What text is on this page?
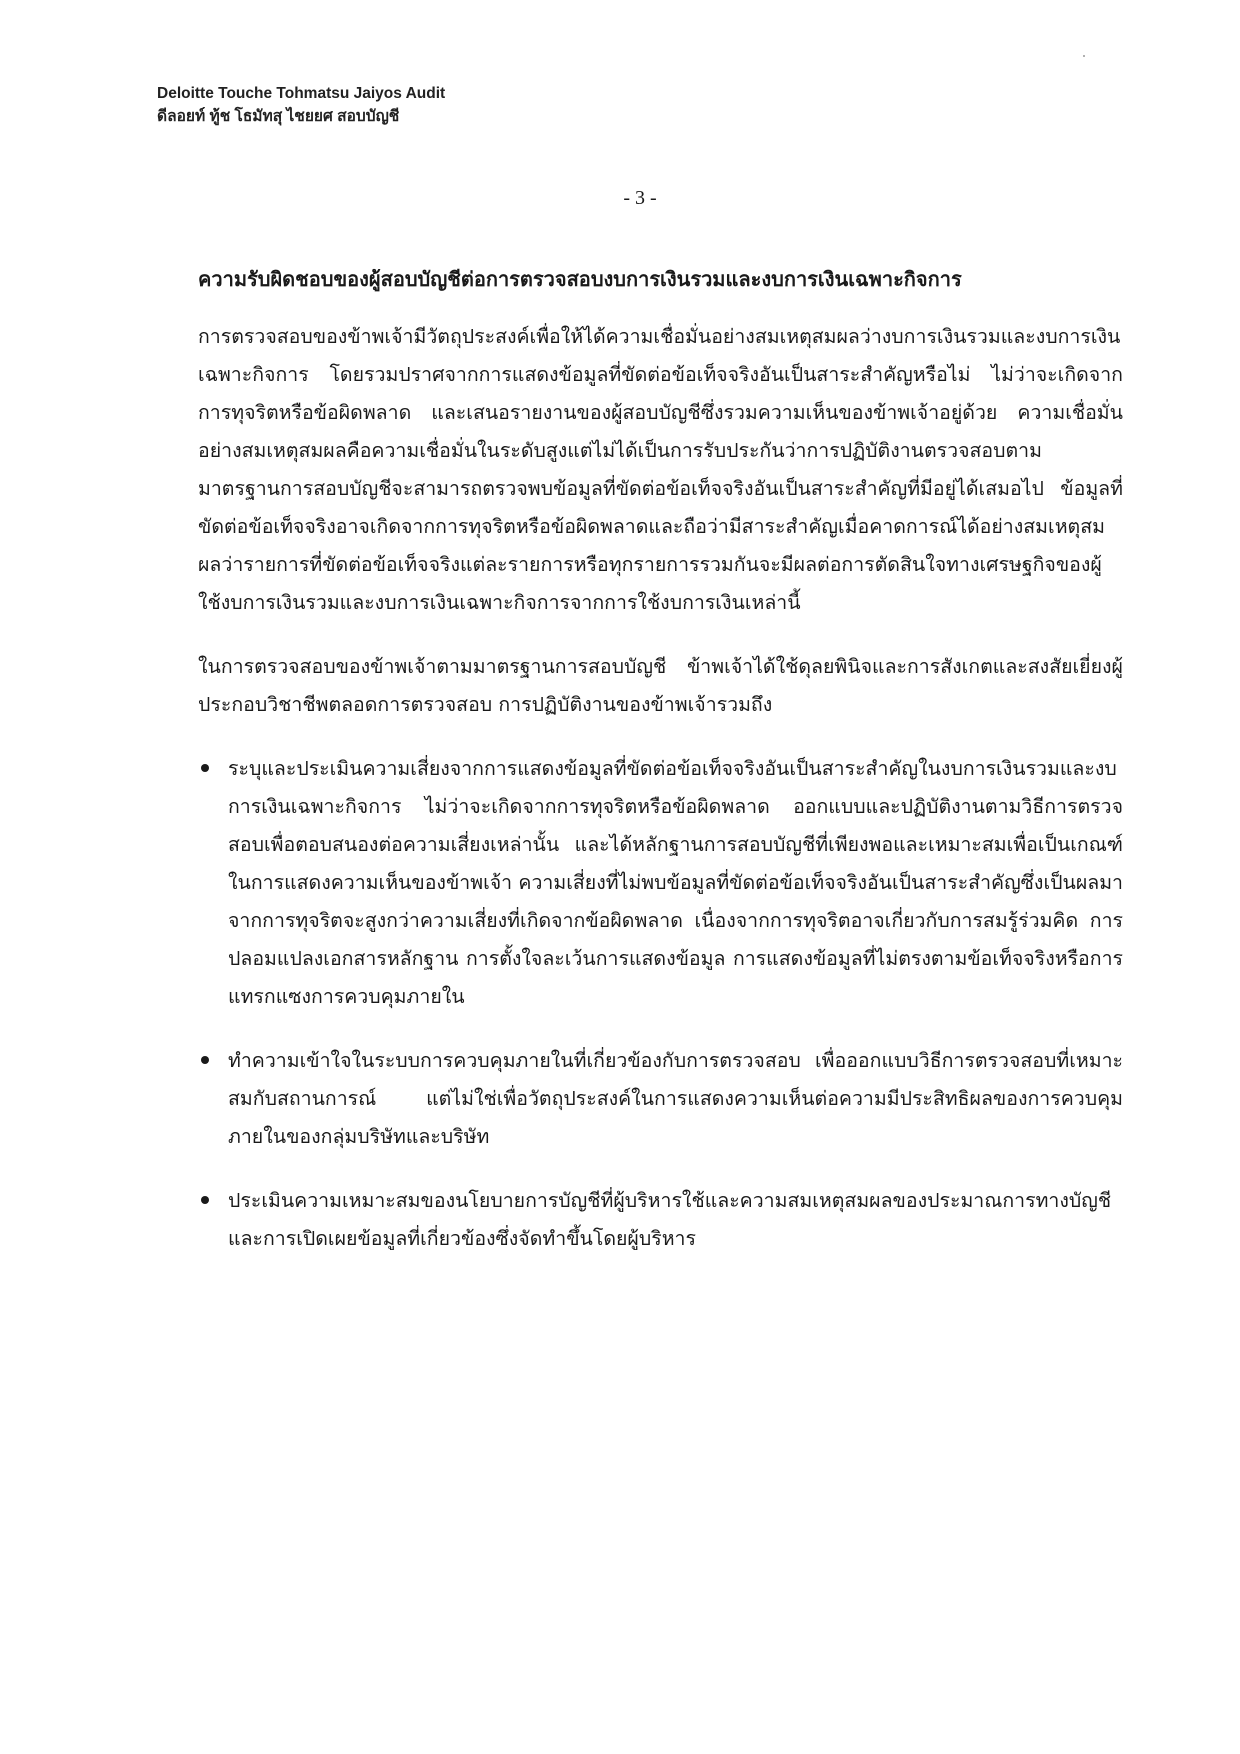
Deloitte Touche Tohmatsu Jaiyos Audit
ดีลอยท์ ทู้ช โธมัทสุ ไชยยศ สอบบัญชี
- 3 -
ความรับผิดชอบของผู้สอบบัญชีต่อการตรวจสอบงบการเงินรวมและงบการเงินเฉพาะกิจการ

การตรวจสอบของข้าพเจ้ามีวัตถุประสงค์เพื่อให้ได้ความเชื่อมั่นอย่างสมเหตุสมผลว่างบการเงินรวมและงบการเงินเฉพาะกิจการ โดยรวมปราศจากการแสดงข้อมูลที่ขัดต่อข้อเท็จจริงอันเป็นสาระสำคัญหรือไม่ ไม่ว่าจะเกิดจากการทุจริตหรือข้อผิดพลาด และเสนอรายงานของผู้สอบบัญชีซึ่งรวมความเห็นของข้าพเจ้าอยู่ด้วย ความเชื่อมั่นอย่างสมเหตุสมผลคือความเชื่อมั่นในระดับสูงแต่ไม่ได้เป็นการรับประกันว่าการปฏิบัติงานตรวจสอบตามมาตรฐานการสอบบัญชีจะสามารถตรวจพบข้อมูลที่ขัดต่อข้อเท็จจริงอันเป็นสาระสำคัญที่มีอยู่ได้เสมอไป ข้อมูลที่ขัดต่อข้อเท็จจริงอาจเกิดจากการทุจริตหรือข้อผิดพลาดและถือว่ามีสาระสำคัญเมื่อคาดการณ์ได้อย่างสมเหตุสมผลว่ารายการที่ขัดต่อข้อเท็จจริงแต่ละรายการหรือทุกรายการรวมกันจะมีผลต่อการตัดสินใจทางเศรษฐกิจของผู้ใช้งบการเงินรวมและงบการเงินเฉพาะกิจการจากการใช้งบการเงินเหล่านี้

ในการตรวจสอบของข้าพเจ้าตามมาตรฐานการสอบบัญชี ข้าพเจ้าได้ใช้ดุลยพินิจและการสังเกตและสงสัยเยี่ยงผู้ประกอบวิชาชีพตลอดการตรวจสอบ การปฏิบัติงานของข้าพเจ้ารวมถึง

ระบุและประเมินความเสี่ยงจากการแสดงข้อมูลที่ขัดต่อข้อเท็จจริงอันเป็นสาระสำคัญในงบการเงินรวมและงบการเงินเฉพาะกิจการ ไม่ว่าจะเกิดจากการทุจริตหรือข้อผิดพลาด ออกแบบและปฏิบัติงานตามวิธีการตรวจสอบเพื่อตอบสนองต่อความเสี่ยงเหล่านั้น และได้หลักฐานการสอบบัญชีที่เพียงพอและเหมาะสมเพื่อเป็นเกณฑ์ในการแสดงความเห็นของข้าพเจ้า ความเสี่ยงที่ไม่พบข้อมูลที่ขัดต่อข้อเท็จจริงอันเป็นสาระสำคัญซึ่งเป็นผลมาจากการทุจริตจะสูงกว่าความเสี่ยงที่เกิดจากข้อผิดพลาด เนื่องจากการทุจริตอาจเกี่ยวกับการสมรู้ร่วมคิด การปลอมแปลงเอกสารหลักฐาน การตั้งใจละเว้นการแสดงข้อมูล การแสดงข้อมูลที่ไม่ตรงตามข้อเท็จจริงหรือการแทรกแซงการควบคุมภายใน
ทำความเข้าใจในระบบการควบคุมภายในที่เกี่ยวข้องกับการตรวจสอบ เพื่อออกแบบวิธีการตรวจสอบที่เหมาะสมกับสถานการณ์ แต่ไม่ใช่เพื่อวัตถุประสงค์ในการแสดงความเห็นต่อความมีประสิทธิผลของการควบคุมภายในของกลุ่มบริษัทและบริษัท
ประเมินความเหมาะสมของนโยบายการบัญชีที่ผู้บริหารใช้และความสมเหตุสมผลของประมาณการทางบัญชีและการเปิดเผยข้อมูลที่เกี่ยวข้องซึ่งจัดทำขึ้นโดยผู้บริหาร
